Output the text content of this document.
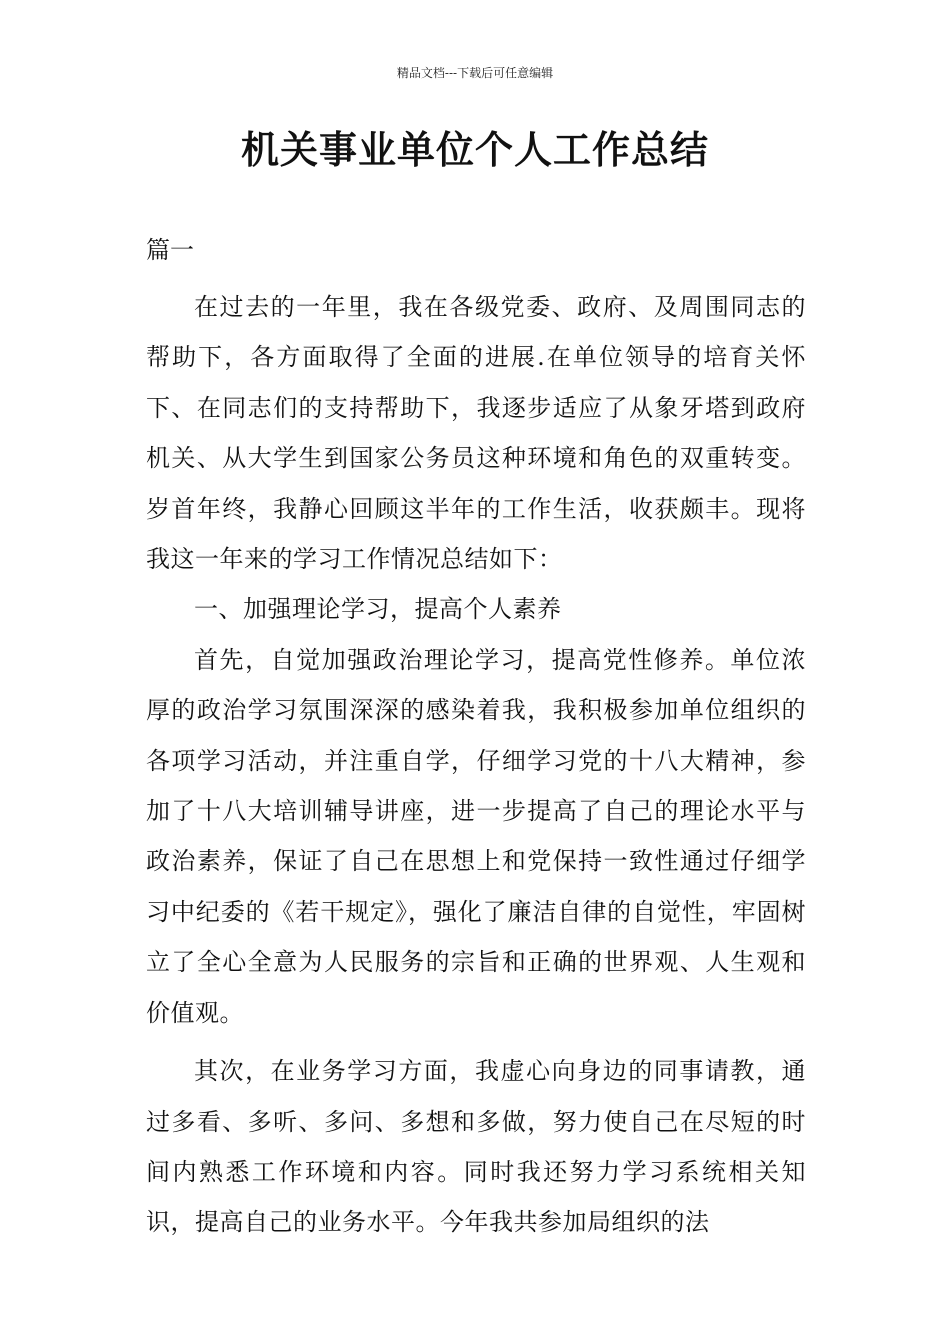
精品文档---下载后可任意编辑
机关事业单位个人工作总结
篇一

在过去的一年里，我在各级党委、政府、及周围同志的帮助下，各方面取得了全面的进展.在单位领导的培育关怀下、在同志们的支持帮助下，我逐步适应了从象牙塔到政府机关、从大学生到国家公务员这种环境和角色的双重转变。岁首年终，我静心回顾这半年的工作生活，收获颇丰。现将我这一年来的学习工作情况总结如下：

一、加强理论学习，提高个人素养

首先，自觉加强政治理论学习，提高党性修养。单位浓厚的政治学习氛围深深的感染着我，我积极参加单位组织的各项学习活动，并注重自学，仔细学习党的十八大精神，参加了十八大培训辅导讲座，进一步提高了自己的理论水平与政治素养，保证了自己在思想上和党保持一致性通过仔细学习中纪委的《若干规定》，强化了廉洁自律的自觉性，牢固树立了全心全意为人民服务的宗旨和正确的世界观、人生观和价值观。

其次，在业务学习方面，我虚心向身边的同事请教，通过多看、多听、多问、多想和多做，努力使自己在尽短的时间内熟悉工作环境和内容。同时我还努力学习系统相关知识，提高自己的业务水平。今年我共参加局组织的法
